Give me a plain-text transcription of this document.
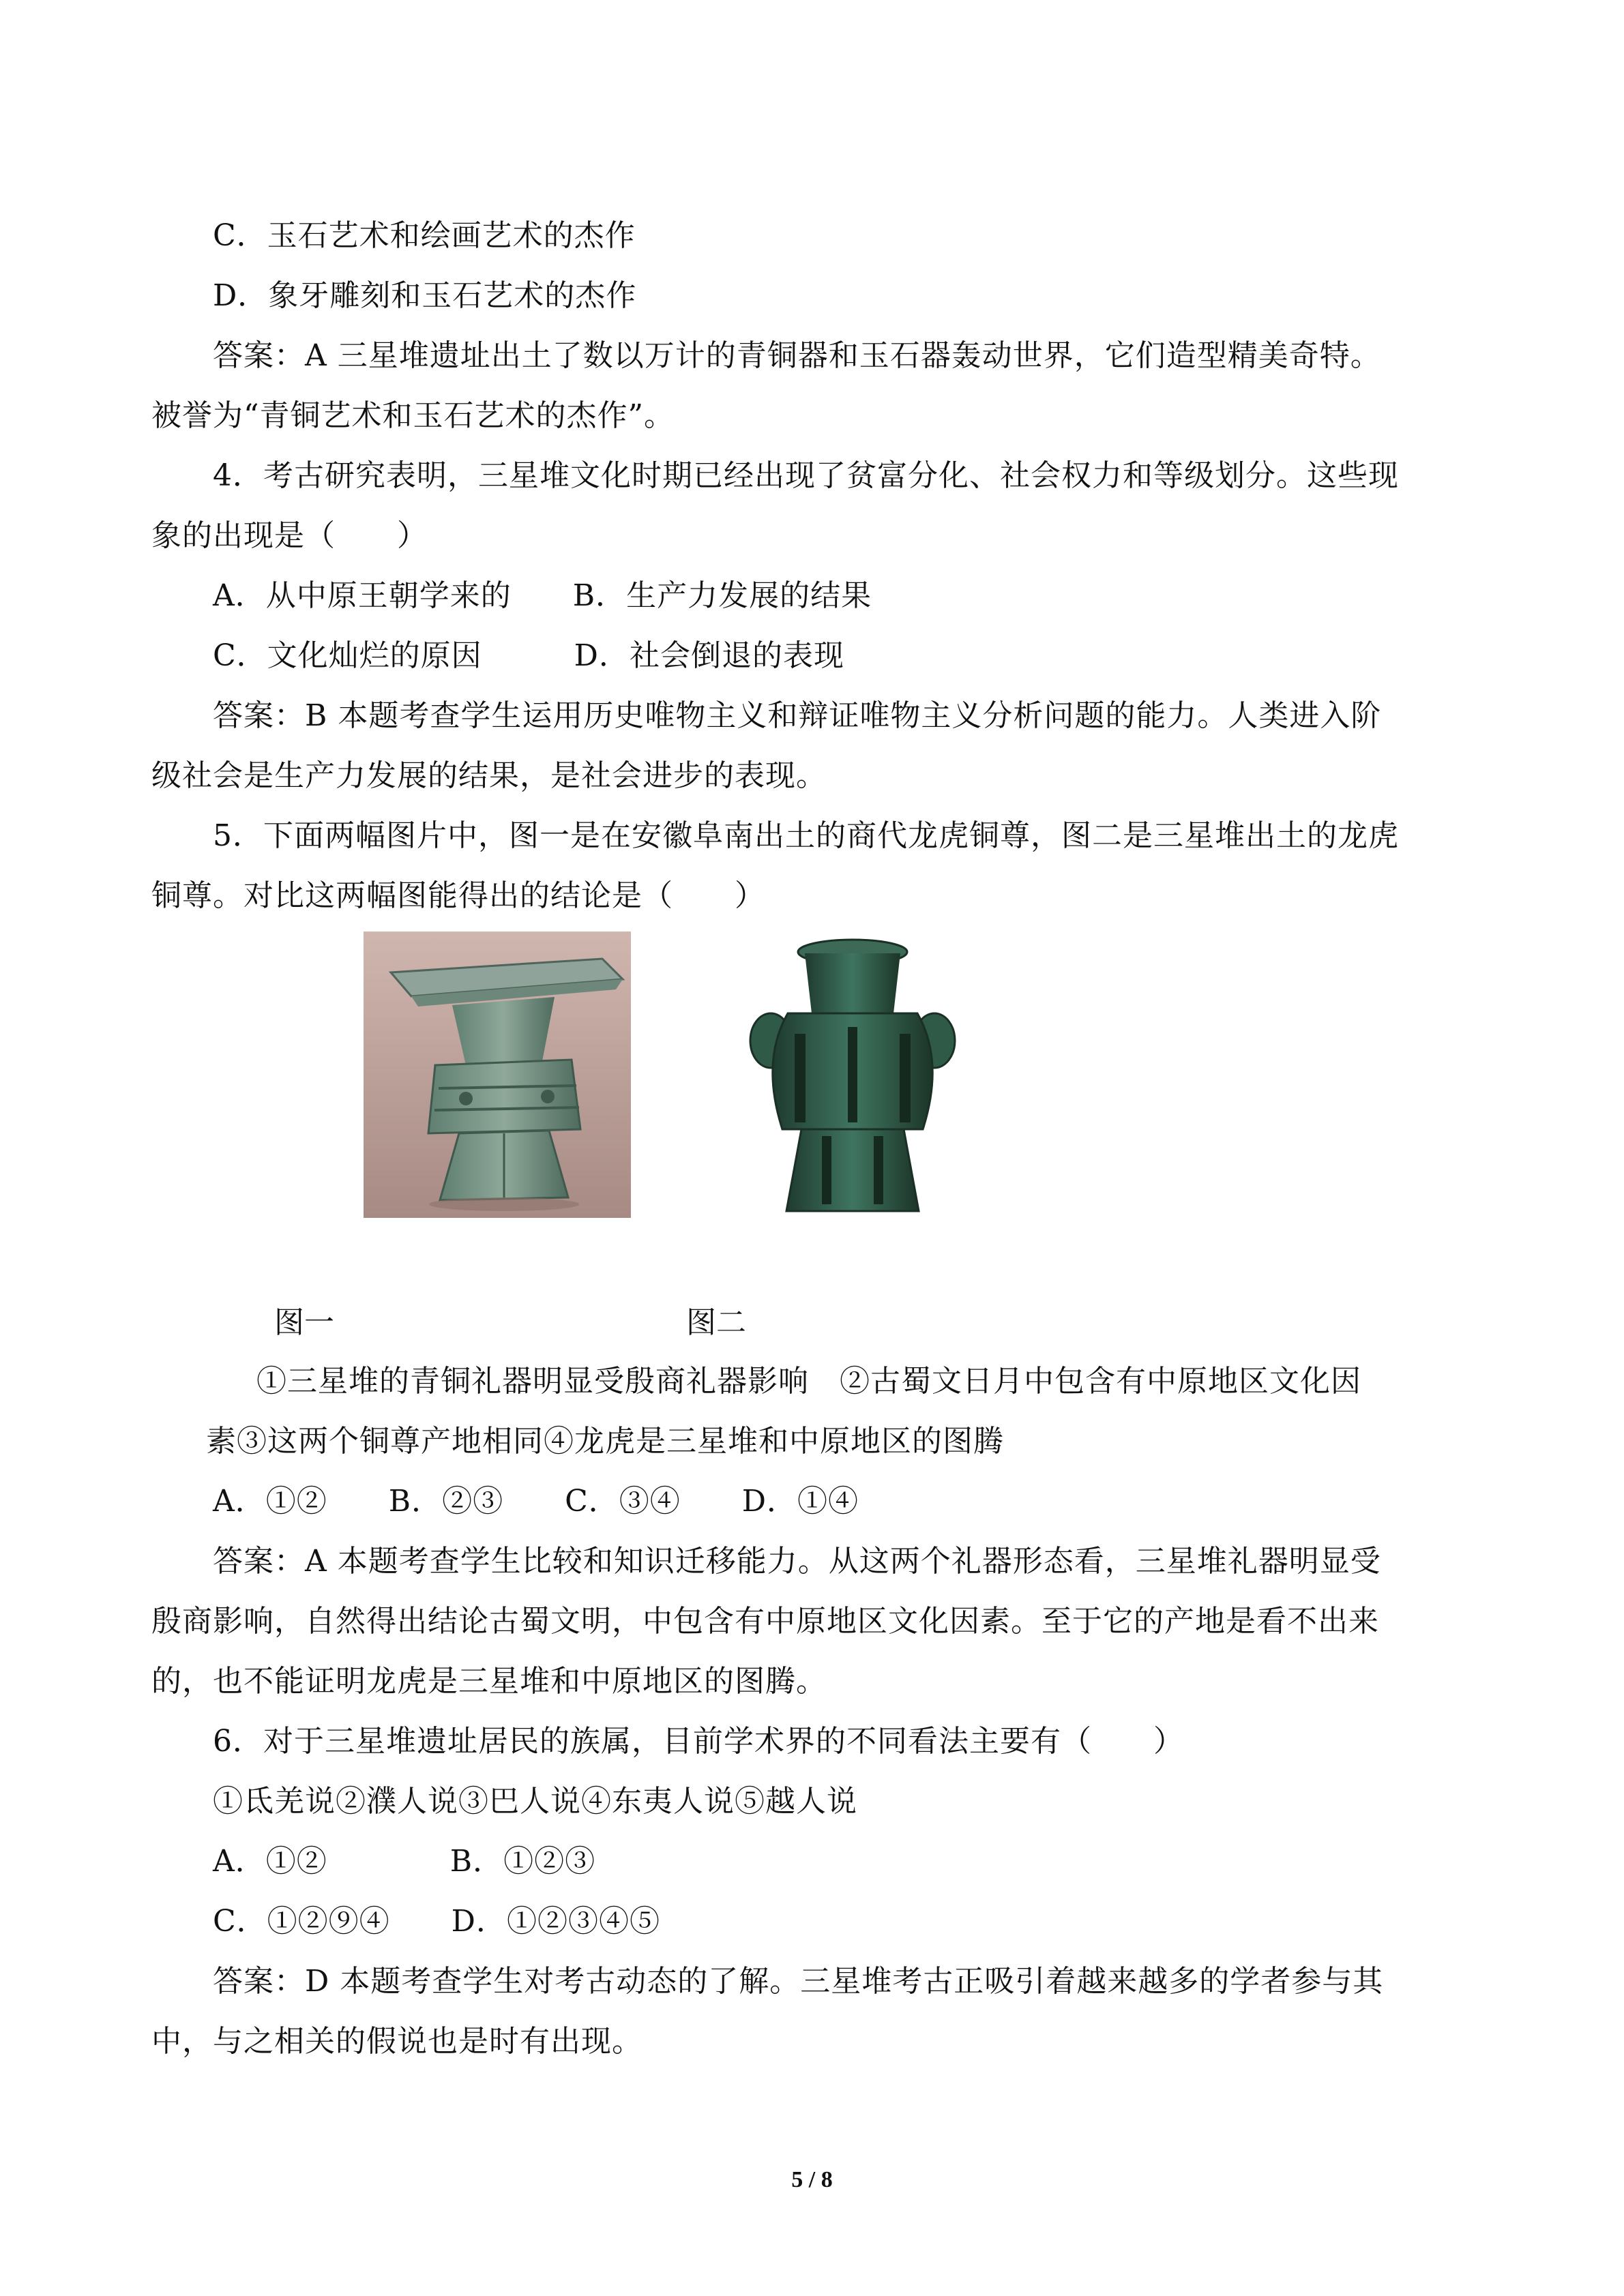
C．玉石艺术和绘画艺术的杰作
D．象牙雕刻和玉石艺术的杰作
答案：A 三星堆遗址出土了数以万计的青铜器和玉石器轰动世界，它们造型精美奇特。
被誉为“青铜艺术和玉石艺术的杰作”。
4．考古研究表明，三星堆文化时期已经出现了贫富分化、社会权力和等级划分。这些现
象的出现是（　　）
A．从中原王朝学来的　　B．生产力发展的结果
C．文化灿烂的原因　　　D．社会倒退的表现
答案：B 本题考查学生运用历史唯物主义和辩证唯物主义分析问题的能力。人类进入阶
级社会是生产力发展的结果，是社会进步的表现。
5．下面两幅图片中，图一是在安徽阜南出土的商代龙虎铜尊，图二是三星堆出土的龙虎
铜尊。对比这两幅图能得出的结论是（　　）
①三星堆的青铜礼器明显受殷商礼器影响　②古蜀文日月中包含有中原地区文化因
素③这两个铜尊产地相同④龙虎是三星堆和中原地区的图腾
A．①②　　B．②③　　C．③④　　D．①④
答案：A 本题考查学生比较和知识迁移能力。从这两个礼器形态看，三星堆礼器明显受
殷商影响，自然得出结论古蜀文明，中包含有中原地区文化因素。至于它的产地是看不出来
的，也不能证明龙虎是三星堆和中原地区的图腾。
6．对于三星堆遗址居民的族属，目前学术界的不同看法主要有（　　）
①氐羌说②濮人说③巴人说④东夷人说⑤越人说
A．①②　　　　B．①②③
C．①②⑨④　　D．①②③④⑤
答案：D 本题考查学生对考古动态的了解。三星堆考古正吸引着越来越多的学者参与其
中，与之相关的假说也是时有出现。
图一	图二
5 / 8
